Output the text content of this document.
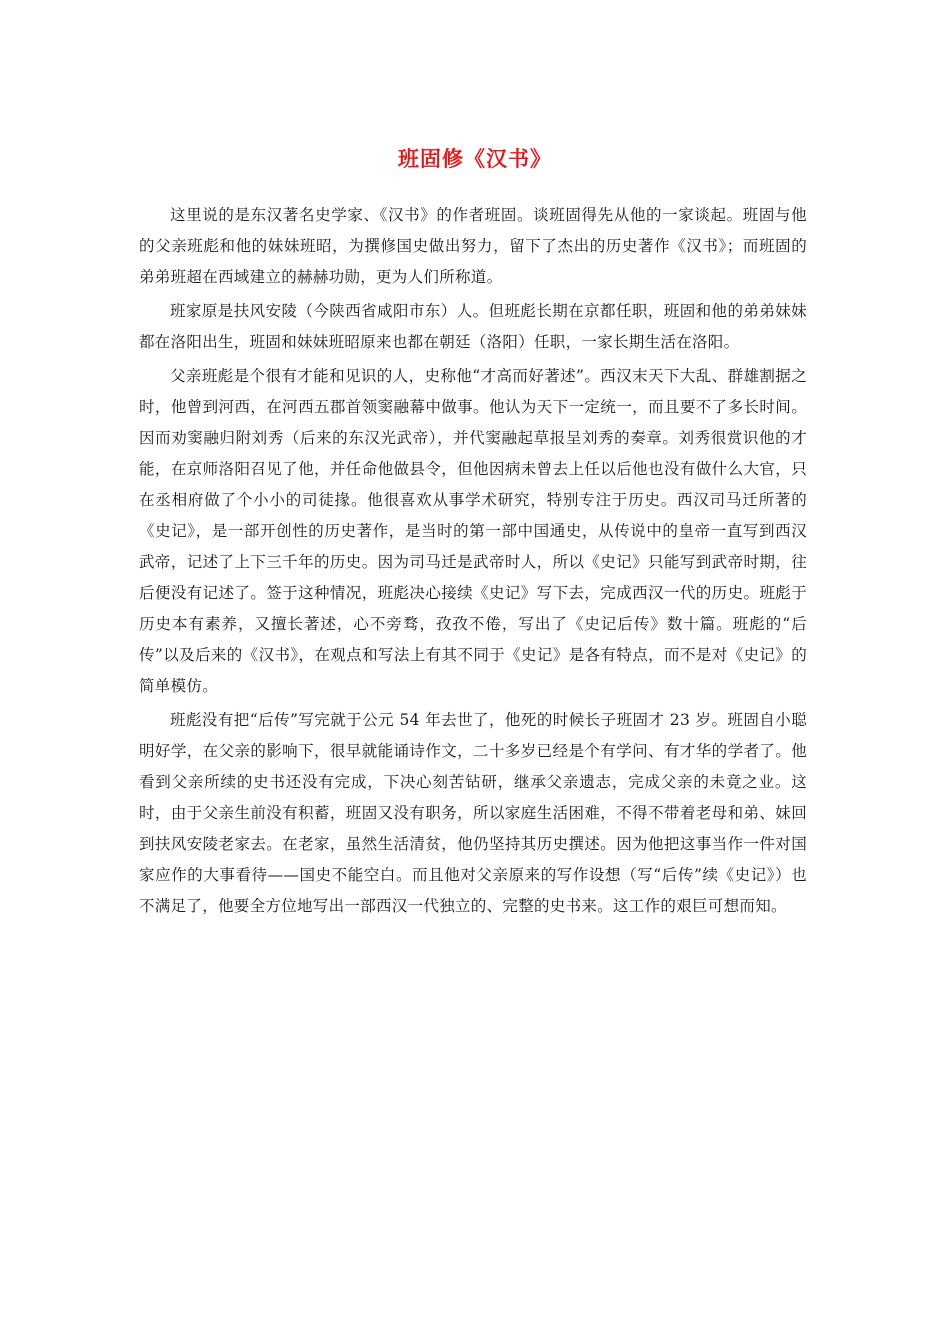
班固修《汉书》

这里说的是东汉著名史学家、《汉书》的作者班固。谈班固得先从他的一家谈起。班固与他的父亲班彪和他的妹妹班昭，为撰修国史做出努力，留下了杰出的历史著作《汉书》；而班固的弟弟班超在西域建立的赫赫功勋，更为人们所称道。

班家原是扶风安陵（今陕西省咸阳市东）人。但班彪长期在京都任职，班固和他的弟弟妹妹都在洛阳出生，班固和妹妹班昭原来也都在朝廷（洛阳）任职，一家长期生活在洛阳。

父亲班彪是个很有才能和见识的人，史称他“才高而好著述”。西汉末天下大乱、群雄割据之时，他曾到河西，在河西五郡首领窦融幕中做事。他认为天下一定统一，而且要不了多长时间。因而劝窦融归附刘秀（后来的东汉光武帝），并代窦融起草报呈刘秀的奏章。刘秀很赏识他的才能，在京师洛阳召见了他，并任命他做县令，但他因病未曾去上任以后他也没有做什么大官，只在丞相府做了个小小的司徒掾。他很喜欢从事学术研究，特别专注于历史。西汉司马迁所著的《史记》，是一部开创性的历史著作，是当时的第一部中国通史，从传说中的皇帝一直写到西汉武帝，记述了上下三千年的历史。因为司马迁是武帝时人，所以《史记》只能写到武帝时期，往后便没有记述了。签于这种情况，班彪决心接续《史记》写下去，完成西汉一代的历史。班彪于历史本有素养，又擅长著述，心不旁骛，孜孜不倦，写出了《史记后传》数十篇。班彪的“后传”以及后来的《汉书》，在观点和写法上有其不同于《史记》是各有特点，而不是对《史记》的简单模仿。

班彪没有把“后传”写完就于公元 54 年去世了，他死的时候长子班固才 23 岁。班固自小聪明好学，在父亲的影响下，很早就能诵诗作文，二十多岁已经是个有学问、有才华的学者了。他看到父亲所续的史书还没有完成，下决心刻苦钻研，继承父亲遗志，完成父亲的未竟之业。这时，由于父亲生前没有积蓄，班固又没有职务，所以家庭生活困难，不得不带着老母和弟、妹回到扶风安陵老家去。在老家，虽然生活清贫，他仍坚持其历史撰述。因为他把这事当作一件对国家应作的大事看待——国史不能空白。而且他对父亲原来的写作设想（写“后传”续《史记》）也不满足了，他要全方位地写出一部西汉一代独立的、完整的史书来。这工作的艰巨可想而知。
